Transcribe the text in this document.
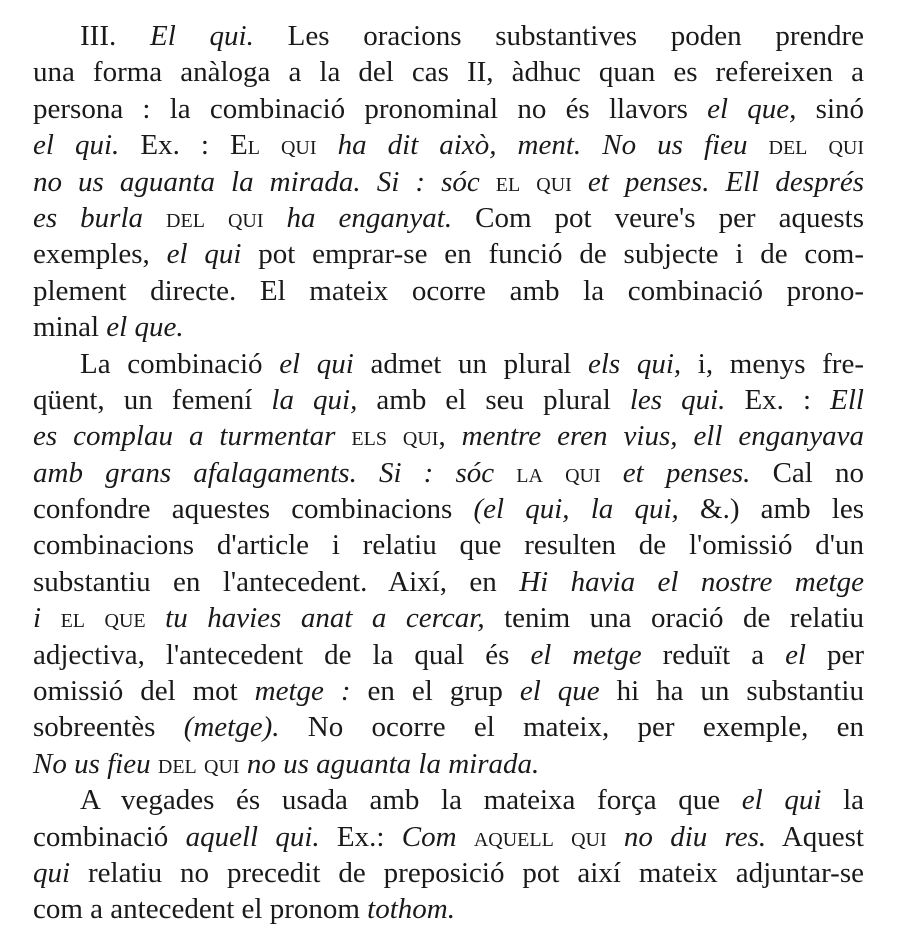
III. El qui. Les oracions substantives poden prendre
una forma anàloga a la del cas II, àdhuc quan es refereixen a
persona : la combinació pronominal no és llavors el que, sinó
el qui. Ex. : El qui ha dit això, ment. No us fieu del qui
no us aguanta la mirada. Si : sóc el qui et penses. Ell després
es burla del qui ha enganyat. Com pot veure's per aquests
exemples, el qui pot emprar-se en funció de subjecte i de com-
plement directe. El mateix ocorre amb la combinació prono-
minal el que.
La combinació el qui admet un plural els qui, i, menys fre-
qüent, un femení la qui, amb el seu plural les qui. Ex. : Ell
es complau a turmentar els qui, mentre eren vius, ell enganyava
amb grans afalagaments. Si : sóc la qui et penses. Cal no
confondre aquestes combinacions (el qui, la qui, &.) amb les
combinacions d'article i relatiu que resulten de l'omissió d'un
substantiu en l'antecedent. Així, en Hi havia el nostre metge
i el que tu havies anat a cercar, tenim una oració de relatiu
adjectiva, l'antecedent de la qual és el metge reduït a el per
omissió del mot metge : en el grup el que hi ha un substantiu
sobreentès (metge). No ocorre el mateix, per exemple, en
No us fieu del qui no us aguanta la mirada.
A vegades és usada amb la mateixa força que el qui la
combinació aquell qui. Ex.: Com aquell qui no diu res. Aquest
qui relatiu no precedit de preposició pot així mateix adjuntar-se
com a antecedent el pronom tothom.
